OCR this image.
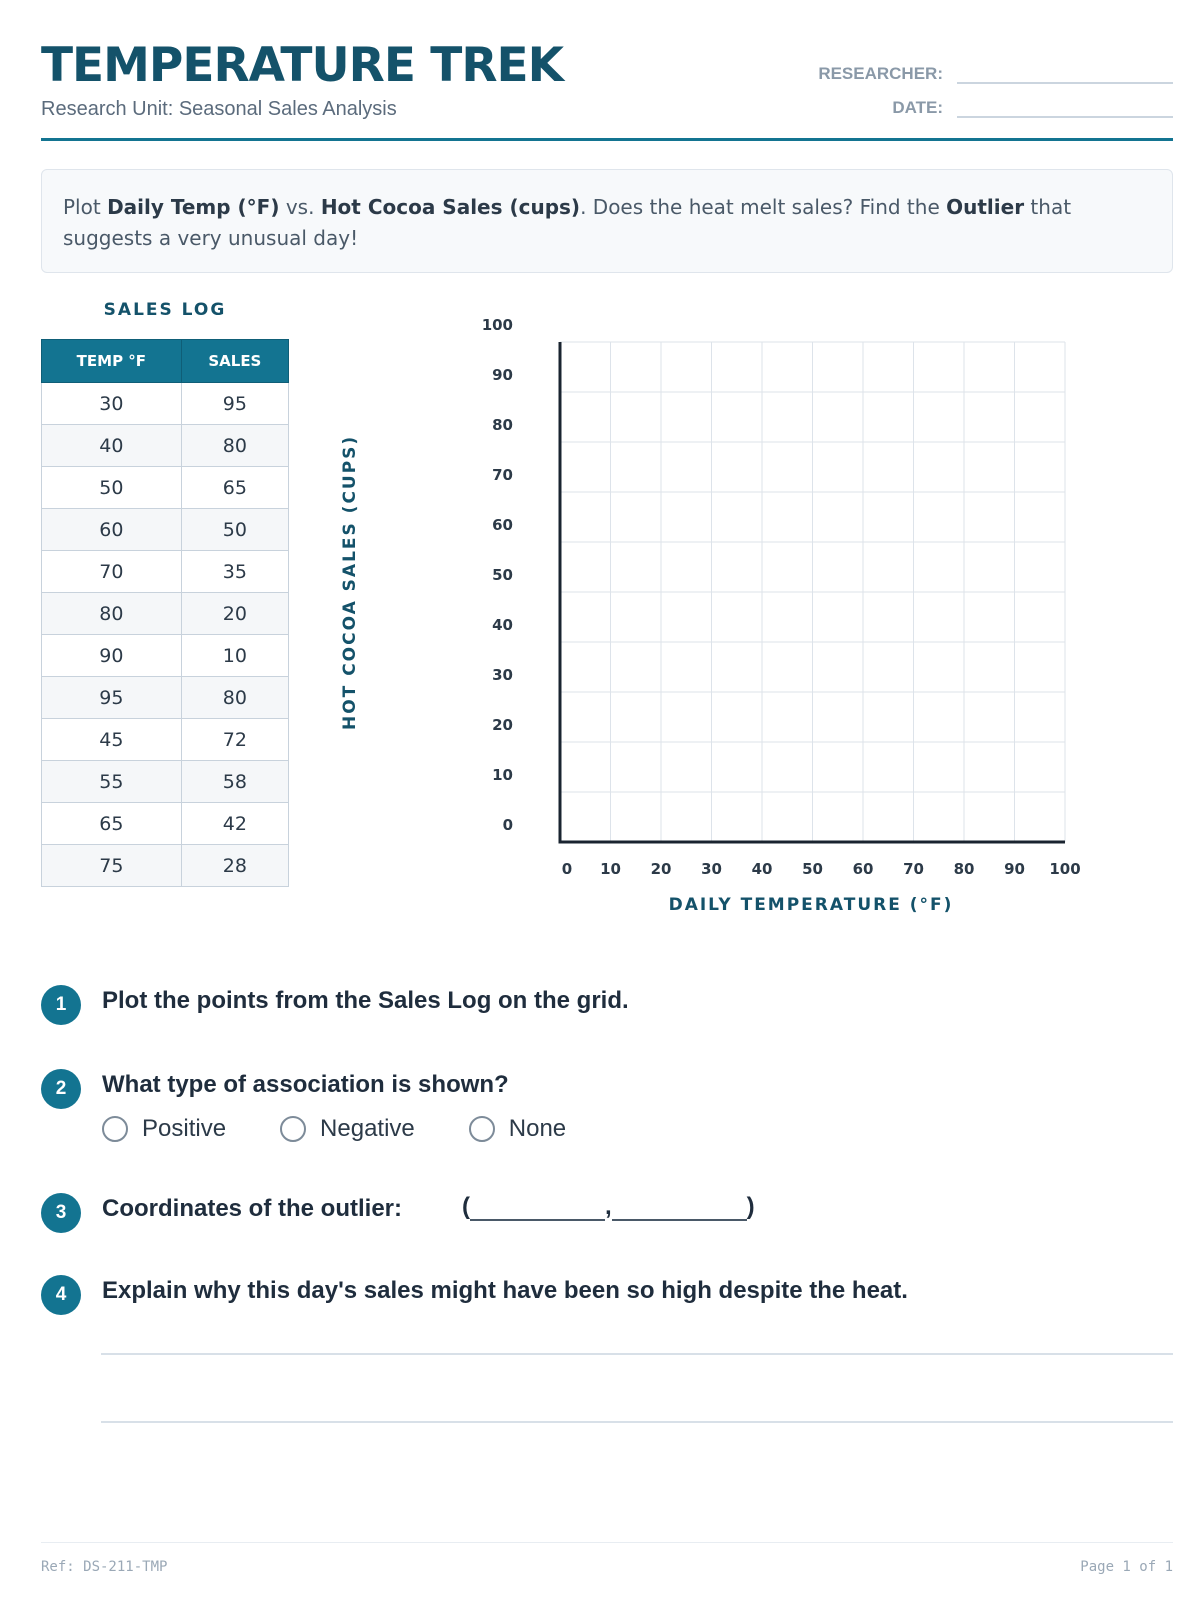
TEMPERATURE TREK
Research Unit: Seasonal Sales Analysis
RESEARCHER:
DATE:
Plot Daily Temp (°F) vs. Hot Cocoa Sales (cups). Does the heat melt sales? Find the Outlier that suggests a very unusual day!
SALES LOG
TEMP °F	SALES
30	95
40	80
50	65
60	50
70	35
80	20
90	10
95	80
45	72
55	58
65	42
75	28
HOT COCOA SALES (CUPS)
0
10
20
30
40
50
60
70
80
90
100
0 10 20 30 40 50 60 70 80 90 100
DAILY TEMPERATURE (°F)
1	Plot the points from the Sales Log on the grid.
2	What type of association is shown?
Positive	Negative	None
3	Coordinates of the outlier:	(	,	)
4	Explain why this day's sales might have been so high despite the heat.
Ref: DS-211-TMP	Page 1 of 1
